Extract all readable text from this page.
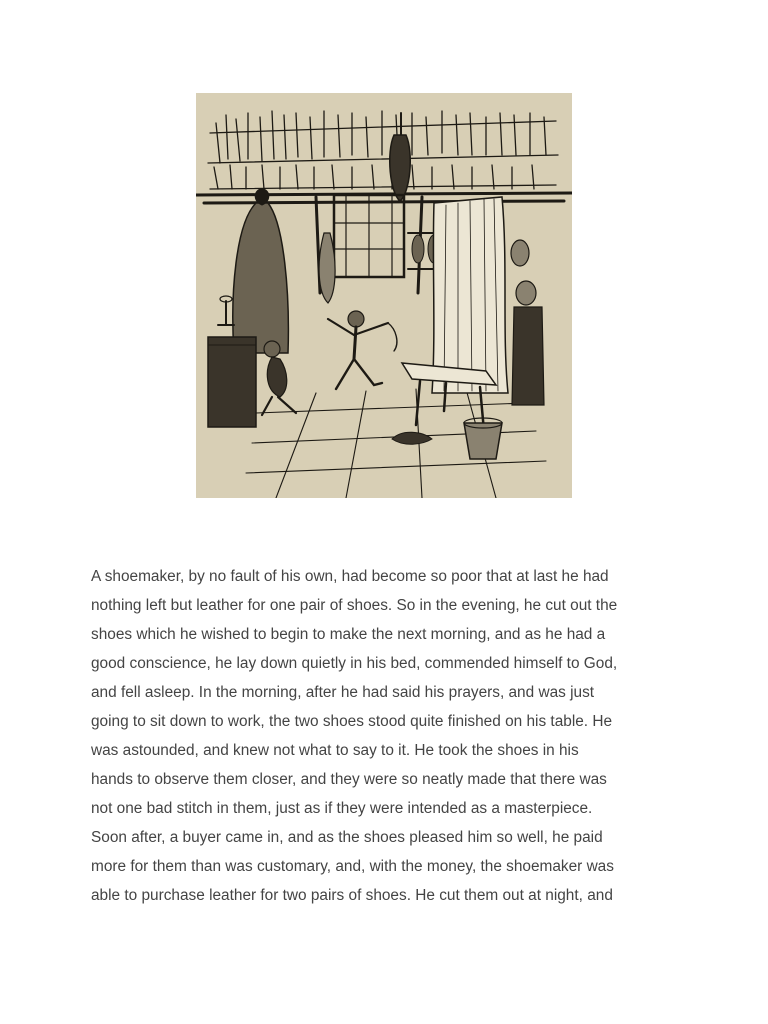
A shoemaker, by no fault of his own, had become so poor that at last he had
nothing left but leather for one pair of shoes. So in the evening, he cut out the
shoes which he wished to begin to make the next morning, and as he had a
good conscience, he lay down quietly in his bed, commended himself to God,
and fell asleep. In the morning, after he had said his prayers, and was just
going to sit down to work, the two shoes stood quite finished on his table. He
was astounded, and knew not what to say to it. He took the shoes in his
hands to observe them closer, and they were so neatly made that there was
not one bad stitch in them, just as if they were intended as a masterpiece.
Soon after, a buyer came in, and as the shoes pleased him so well, he paid
more for them than was customary, and, with the money, the shoemaker was
able to purchase leather for two pairs of shoes. He cut them out at night, and
